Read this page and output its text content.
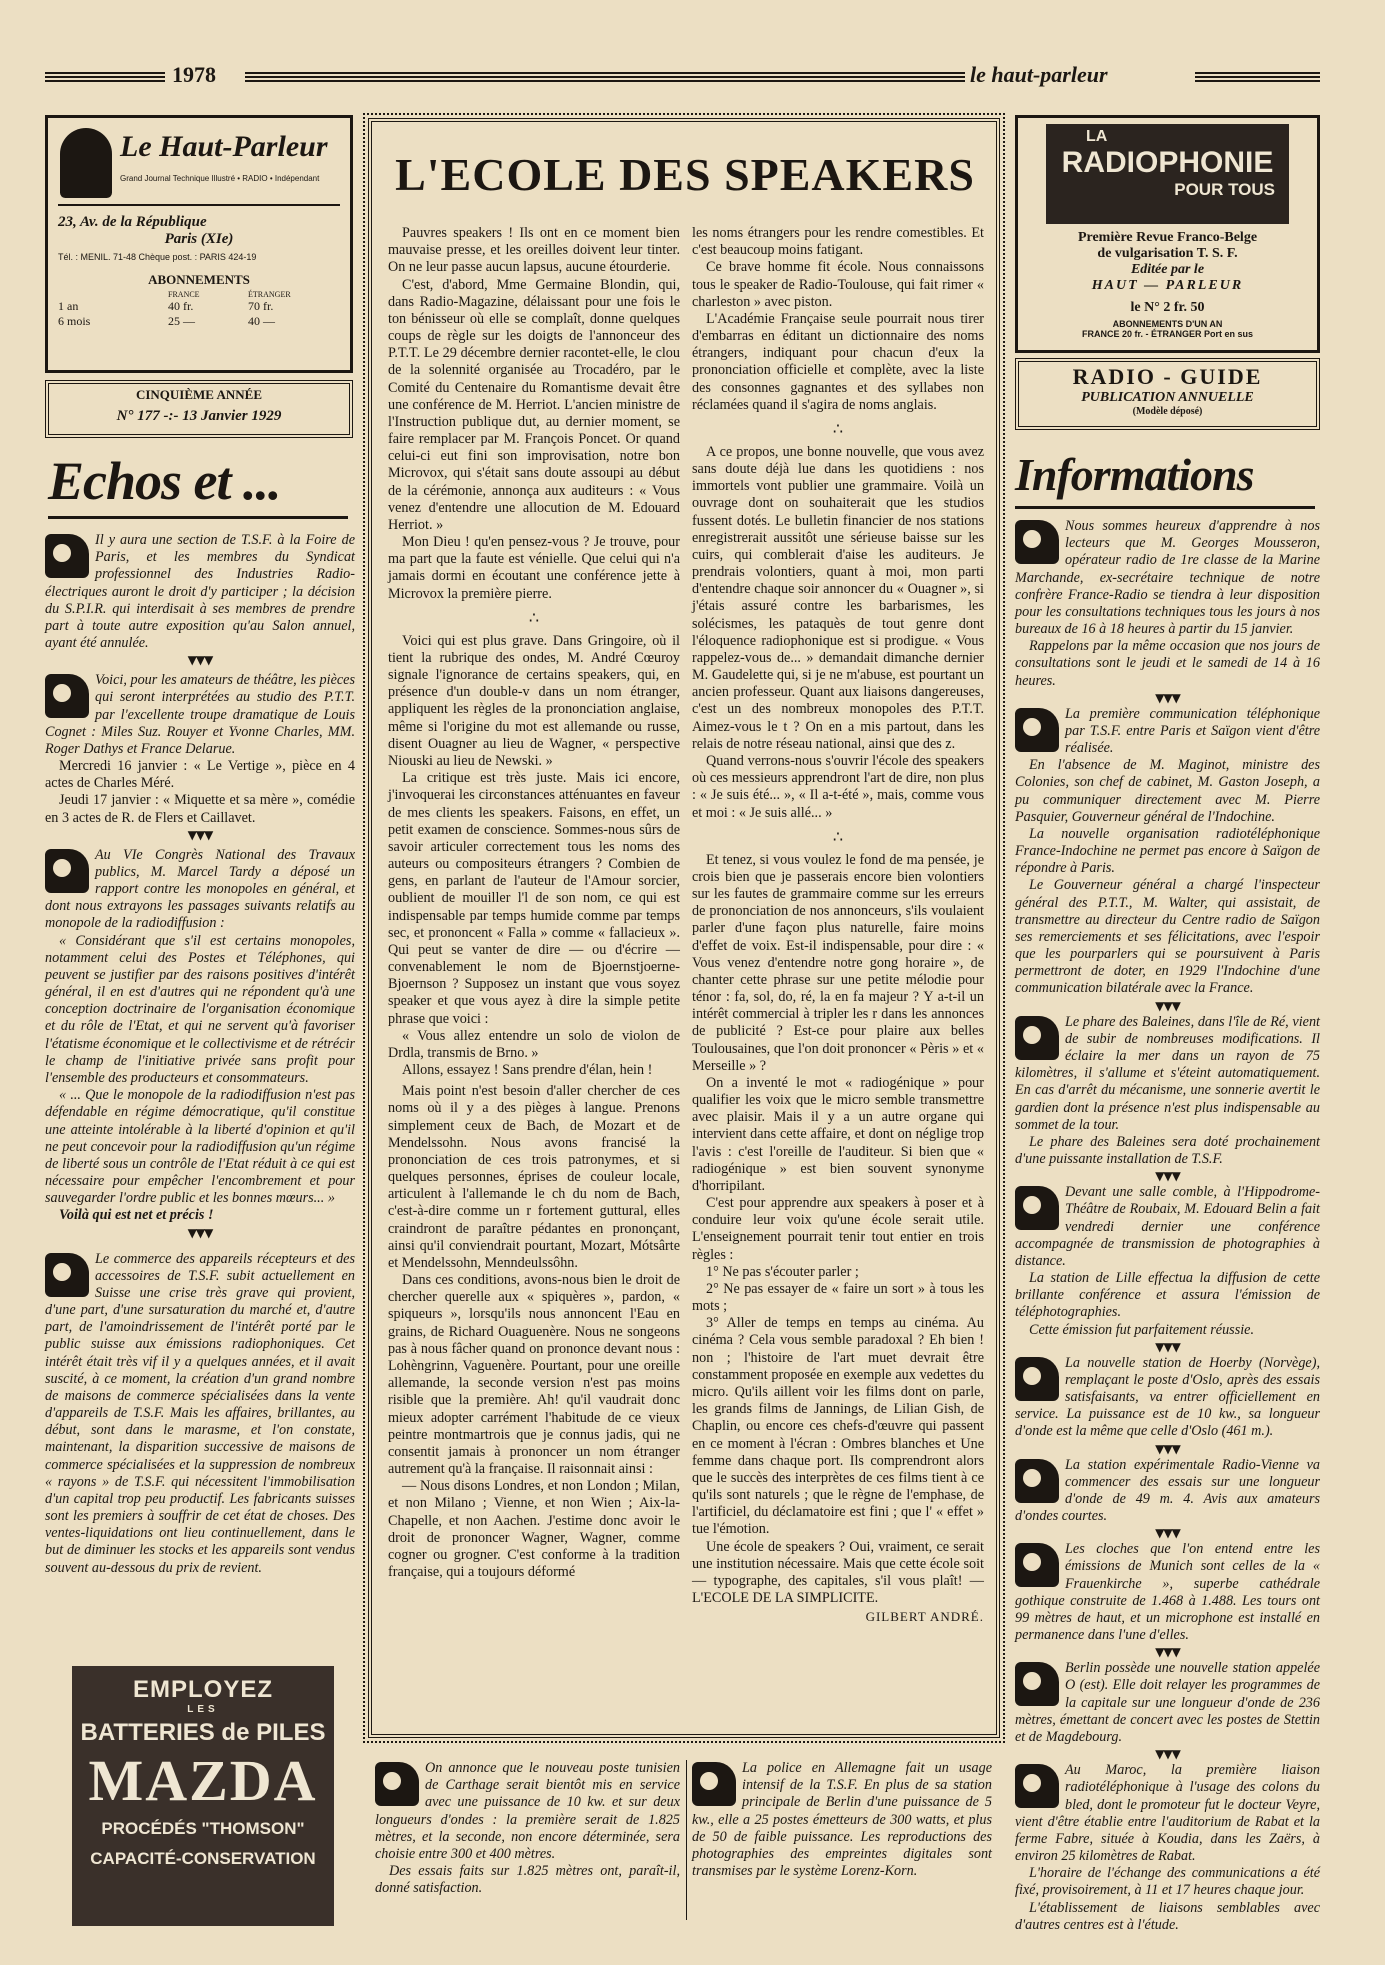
1978	le haut-parleur
Le Haut-Parleur
Grand Journal Technique Illustré • RADIO • Indépendant
23, Av. de la République
Paris (XIe)
Tél. : MENIL. 71-48 Chèque post. : PARIS 424-19
ABONNEMENTS
FRANCE	ÉTRANGER
1 an	40 fr.	70 fr.
6 mois	25 —	40 —
CINQUIÈME ANNÉE
N° 177 -:- 13 Janvier 1929
Echos et ...

Il y aura une section de T.S.F. à la Foire de Paris, et les membres du Syndicat professionnel des Industries Radio-électriques auront le droit d'y participer ; la décision du S.P.I.R. qui interdisait à ses membres de prendre part à toute autre exposition qu'au Salon annuel, ayant été annulée.

▼▼▼

Voici, pour les amateurs de théâtre, les pièces qui seront interprétées au studio des P.T.T. par l'excellente troupe dramatique de Louis Cognet : Miles Suz. Rouyer et Yvonne Charles, MM. Roger Dathys et France Delarue.

Mercredi 16 janvier : « Le Vertige », pièce en 4 actes de Charles Méré.

Jeudi 17 janvier : « Miquette et sa mère », comédie en 3 actes de R. de Flers et Caillavet.

▼▼▼

Au VIe Congrès National des Travaux publics, M. Marcel Tardy a déposé un rapport contre les monopoles en général, et dont nous extrayons les passages suivants relatifs au monopole de la radiodiffusion :

« Considérant que s'il est certains monopoles, notamment celui des Postes et Téléphones, qui peuvent se justifier par des raisons positives d'intérêt général, il en est d'autres qui ne répondent qu'à une conception doctrinaire de l'organisation économique et du rôle de l'Etat, et qui ne servent qu'à favoriser l'étatisme économique et le collectivisme et de rétrécir le champ de l'initiative privée sans profit pour l'ensemble des producteurs et consommateurs.

« ... Que le monopole de la radiodiffusion n'est pas défendable en régime démocratique, qu'il constitue une atteinte intolérable à la liberté d'opinion et qu'il ne peut concevoir pour la radiodiffusion qu'un régime de liberté sous un contrôle de l'Etat réduit à ce qui est nécessaire pour empêcher l'encombrement et pour sauvegarder l'ordre public et les bonnes mœurs... »

Voilà qui est net et précis !

▼▼▼

Le commerce des appareils récepteurs et des accessoires de T.S.F. subit actuellement en Suisse une crise très grave qui provient, d'une part, d'une sursaturation du marché et, d'autre part, de l'amoindrissement de l'intérêt porté par le public suisse aux émissions radiophoniques. Cet intérêt était très vif il y a quelques années, et il avait suscité, à ce moment, la création d'un grand nombre de maisons de commerce spécialisées dans la vente d'appareils de T.S.F. Mais les affaires, brillantes, au début, sont dans le marasme, et l'on constate, maintenant, la disparition successive de maisons de commerce spécialisées et la suppression de nombreux « rayons » de T.S.F. qui nécessitent l'immobilisation d'un capital trop peu productif. Les fabricants suisses sont les premiers à souffrir de cet état de choses. Des ventes-liquidations ont lieu continuellement, dans le but de diminuer les stocks et les appareils sont vendus souvent au-dessous du prix de revient.

EMPLOYEZ
LES
BATTERIES de PILES
MAZDA
PROCÉDÉS "THOMSON"
CAPACITÉ-CONSERVATION
L'ECOLE DES SPEAKERS

Pauvres speakers ! Ils ont en ce moment bien mauvaise presse, et les oreilles doivent leur tinter. On ne leur passe aucun lapsus, aucune étourderie.

C'est, d'abord, Mme Germaine Blondin, qui, dans Radio-Magazine, délaissant pour une fois le ton bénisseur où elle se complaît, donne quelques coups de règle sur les doigts de l'annonceur des P.T.T. Le 29 décembre dernier racontet-elle, le clou de la solennité organisée au Trocadéro, par le Comité du Centenaire du Romantisme devait être une conférence de M. Herriot. L'ancien ministre de l'Instruction publique dut, au dernier moment, se faire remplacer par M. François Poncet. Or quand celui-ci eut fini son improvisation, notre bon Microvox, qui s'était sans doute assoupi au début de la cérémonie, annonça aux auditeurs : « Vous venez d'entendre une allocution de M. Edouard Herriot. »

Mon Dieu ! qu'en pensez-vous ? Je trouve, pour ma part que la faute est vénielle. Que celui qui n'a jamais dormi en écoutant une conférence jette à Microvox la première pierre.

∴

Voici qui est plus grave. Dans Gringoire, où il tient la rubrique des ondes, M. André Cœuroy signale l'ignorance de certains speakers, qui, en présence d'un double-v dans un nom étranger, appliquent les règles de la prononciation anglaise, même si l'origine du mot est allemande ou russe, disent Ouagner au lieu de Wagner, « perspective Niouski au lieu de Newski. »

La critique est très juste. Mais ici encore, j'invoquerai les circonstances atténuantes en faveur de mes clients les speakers. Faisons, en effet, un petit examen de conscience. Sommes-nous sûrs de savoir articuler correctement tous les noms des auteurs ou compositeurs étrangers ? Combien de gens, en parlant de l'auteur de l'Amour sorcier, oublient de mouiller l'l de son nom, ce qui est indispensable par temps humide comme par temps sec, et prononcent « Falla » comme « fallacieux ». Qui peut se vanter de dire — ou d'écrire — convenablement le nom de Bjoernstjoerne-Bjoernson ? Supposez un instant que vous soyez speaker et que vous ayez à dire la simple petite phrase que voici :

« Vous allez entendre un solo de violon de Drdla, transmis de Brno. »

Allons, essayez ! Sans prendre d'élan, hein !

Mais point n'est besoin d'aller chercher de ces noms où il y a des pièges à langue. Prenons simplement ceux de Bach, de Mozart et de Mendelssohn. Nous avons francisé la prononciation de ces trois patronymes, et si quelques personnes, éprises de couleur locale, articulent à l'allemande le ch du nom de Bach, c'est-à-dire comme un r fortement guttural, elles craindront de paraître pédantes en prononçant, ainsi qu'il conviendrait pourtant, Mozart, Mótsârte et Mendelssohn, Menndeulssôhn.

Dans ces conditions, avons-nous bien le droit de chercher querelle aux « spiquères », pardon, « spiqueurs », lorsqu'ils nous annoncent l'Eau en grains, de Richard Ouaguenère. Nous ne songeons pas à nous fâcher quand on prononce devant nous : Lohèngrinn, Vaguenère. Pourtant, pour une oreille allemande, la seconde version n'est pas moins risible que la première. Ah! qu'il vaudrait donc mieux adopter carrément l'habitude de ce vieux peintre montmartrois que je connus jadis, qui ne consentit jamais à prononcer un nom étranger autrement qu'à la française. Il raisonnait ainsi :

— Nous disons Londres, et non London ; Milan, et non Milano ; Vienne, et non Wien ; Aix-la-Chapelle, et non Aachen. J'estime donc avoir le droit de prononcer Wagner, Wagner, comme cogner ou grogner. C'est conforme à la tradition française, qui a toujours déformé

les noms étrangers pour les rendre comestibles. Et c'est beaucoup moins fatigant.

Ce brave homme fit école. Nous connaissons tous le speaker de Radio-Toulouse, qui fait rimer « charleston » avec piston.

L'Académie Française seule pourrait nous tirer d'embarras en éditant un dictionnaire des noms étrangers, indiquant pour chacun d'eux la prononciation officielle et complète, avec la liste des consonnes gagnantes et des syllabes non réclamées quand il s'agira de noms anglais.

∴

A ce propos, une bonne nouvelle, que vous avez sans doute déjà lue dans les quotidiens : nos immortels vont publier une grammaire. Voilà un ouvrage dont on souhaiterait que les studios fussent dotés. Le bulletin financier de nos stations enregistrerait aussitôt une sérieuse baisse sur les cuirs, qui comblerait d'aise les auditeurs. Je prendrais volontiers, quant à moi, mon parti d'entendre chaque soir annoncer du « Ouagner », si j'étais assuré contre les barbarismes, les solécismes, les pataquès de tout genre dont l'éloquence radiophonique est si prodigue. « Vous rappelez-vous de... » demandait dimanche dernier M. Gaudelette qui, si je ne m'abuse, est pourtant un ancien professeur. Quant aux liaisons dangereuses, c'est un des nombreux monopoles des P.T.T. Aimez-vous le t ? On en a mis partout, dans les relais de notre réseau national, ainsi que des z.

Quand verrons-nous s'ouvrir l'école des speakers où ces messieurs apprendront l'art de dire, non plus : « Je suis été... », « Il a-t-été », mais, comme vous et moi : « Je suis allé... »

∴

Et tenez, si vous voulez le fond de ma pensée, je crois bien que je passerais encore bien volontiers sur les fautes de grammaire comme sur les erreurs de prononciation de nos annonceurs, s'ils voulaient parler d'une façon plus naturelle, faire moins d'effet de voix. Est-il indispensable, pour dire : « Vous venez d'entendre notre gong horaire », de chanter cette phrase sur une petite mélodie pour ténor : fa, sol, do, ré, la en fa majeur ? Y a-t-il un intérêt commercial à tripler les r dans les annonces de publicité ? Est-ce pour plaire aux belles Toulousaines, que l'on doit prononcer « Pèris » et « Merseille » ?

On a inventé le mot « radiogénique » pour qualifier les voix que le micro semble transmettre avec plaisir. Mais il y a un autre organe qui intervient dans cette affaire, et dont on néglige trop l'avis : c'est l'oreille de l'auditeur. Si bien que « radiogénique » est bien souvent synonyme d'horripilant.

C'est pour apprendre aux speakers à poser et à conduire leur voix qu'une école serait utile. L'enseignement pourrait tenir tout entier en trois règles :

1° Ne pas s'écouter parler ;

2° Ne pas essayer de « faire un sort » à tous les mots ;

3° Aller de temps en temps au cinéma. Au cinéma ? Cela vous semble paradoxal ? Eh bien ! non ; l'histoire de l'art muet devrait être constamment proposée en exemple aux vedettes du micro. Qu'ils aillent voir les films dont on parle, les grands films de Jannings, de Lilian Gish, de Chaplin, ou encore ces chefs-d'œuvre qui passent en ce moment à l'écran : Ombres blanches et Une femme dans chaque port. Ils comprendront alors que le succès des interprètes de ces films tient à ce qu'ils sont naturels ; que le règne de l'emphase, de l'artificiel, du déclamatoire est fini ; que l' « effet » tue l'émotion.

Une école de speakers ? Oui, vraiment, ce serait une institution nécessaire. Mais que cette école soit — typographe, des capitales, s'il vous plaît! — L'ECOLE DE LA SIMPLICITE.

GILBERT ANDRÉ.

On annonce que le nouveau poste tunisien de Carthage serait bientôt mis en service avec une puissance de 10 kw. et sur deux longueurs d'ondes : la première serait de 1.825 mètres, et la seconde, non encore déterminée, sera choisie entre 300 et 400 mètres.

Des essais faits sur 1.825 mètres ont, paraît-il, donné satisfaction.

La police en Allemagne fait un usage intensif de la T.S.F. En plus de sa station principale de Berlin d'une puissance de 5 kw., elle a 25 postes émetteurs de 300 watts, et plus de 50 de faible puissance. Les reproductions des photographies des empreintes digitales sont transmises par le système Lorenz-Korn.

LA
RADIOPHONIE
POUR TOUS
Première Revue Franco-Belge
de vulgarisation T. S. F.
Editée par le
HAUT — PARLEUR
le N° 2 fr. 50
ABONNEMENTS D'UN AN
FRANCE 20 fr. - ÉTRANGER Port en sus
RADIO - GUIDE
PUBLICATION ANNUELLE
(Modèle déposé)
Informations

Nous sommes heureux d'apprendre à nos lecteurs que M. Georges Mousseron, opérateur radio de 1re classe de la Marine Marchande, ex-secrétaire technique de notre confrère France-Radio se tiendra à leur disposition pour les consultations techniques tous les jours à nos bureaux de 16 à 18 heures à partir du 15 janvier.

Rappelons par la même occasion que nos jours de consultations sont le jeudi et le samedi de 14 à 16 heures.

▼▼▼

La première communication téléphonique par T.S.F. entre Paris et Saïgon vient d'être réalisée.

En l'absence de M. Maginot, ministre des Colonies, son chef de cabinet, M. Gaston Joseph, a pu communiquer directement avec M. Pierre Pasquier, Gouverneur général de l'Indochine.

La nouvelle organisation radiotéléphonique France-Indochine ne permet pas encore à Saïgon de répondre à Paris.

Le Gouverneur général a chargé l'inspecteur général des P.T.T., M. Walter, qui assistait, de transmettre au directeur du Centre radio de Saïgon ses remerciements et ses félicitations, avec l'espoir que les pourparlers qui se poursuivent à Paris permettront de doter, en 1929 l'Indochine d'une communication bilatérale avec la France.

▼▼▼

Le phare des Baleines, dans l'île de Ré, vient de subir de nombreuses modifications. Il éclaire la mer dans un rayon de 75 kilomètres, il s'allume et s'éteint automatiquement. En cas d'arrêt du mécanisme, une sonnerie avertit le gardien dont la présence n'est plus indispensable au sommet de la tour.

Le phare des Baleines sera doté prochainement d'une puissante installation de T.S.F.

▼▼▼

Devant une salle comble, à l'Hippodrome-Théâtre de Roubaix, M. Edouard Belin a fait vendredi dernier une conférence accompagnée de transmission de photographies à distance.

La station de Lille effectua la diffusion de cette brillante conférence et assura l'émission de téléphotographies.

Cette émission fut parfaitement réussie.

▼▼▼

La nouvelle station de Hoerby (Norvège), remplaçant le poste d'Oslo, après des essais satisfaisants, va entrer officiellement en service. La puissance est de 10 kw., sa longueur d'onde est la même que celle d'Oslo (461 m.).

▼▼▼

La station expérimentale Radio-Vienne va commencer des essais sur une longueur d'onde de 49 m. 4. Avis aux amateurs d'ondes courtes.

▼▼▼

Les cloches que l'on entend entre les émissions de Munich sont celles de la « Frauenkirche », superbe cathédrale gothique construite de 1.468 à 1.488. Les tours ont 99 mètres de haut, et un microphone est installé en permanence dans l'une d'elles.

▼▼▼

Berlin possède une nouvelle station appelée O (est). Elle doit relayer les programmes de la capitale sur une longueur d'onde de 236 mètres, émettant de concert avec les postes de Stettin et de Magdebourg.

▼▼▼

Au Maroc, la première liaison radiotéléphonique à l'usage des colons du bled, dont le promoteur fut le docteur Veyre, vient d'être établie entre l'auditorium de Rabat et la ferme Fabre, située à Koudia, dans les Zaërs, à environ 25 kilomètres de Rabat.

L'horaire de l'échange des communications a été fixé, provisoirement, à 11 et 17 heures chaque jour.

L'établissement de liaisons semblables avec d'autres centres est à l'étude.
